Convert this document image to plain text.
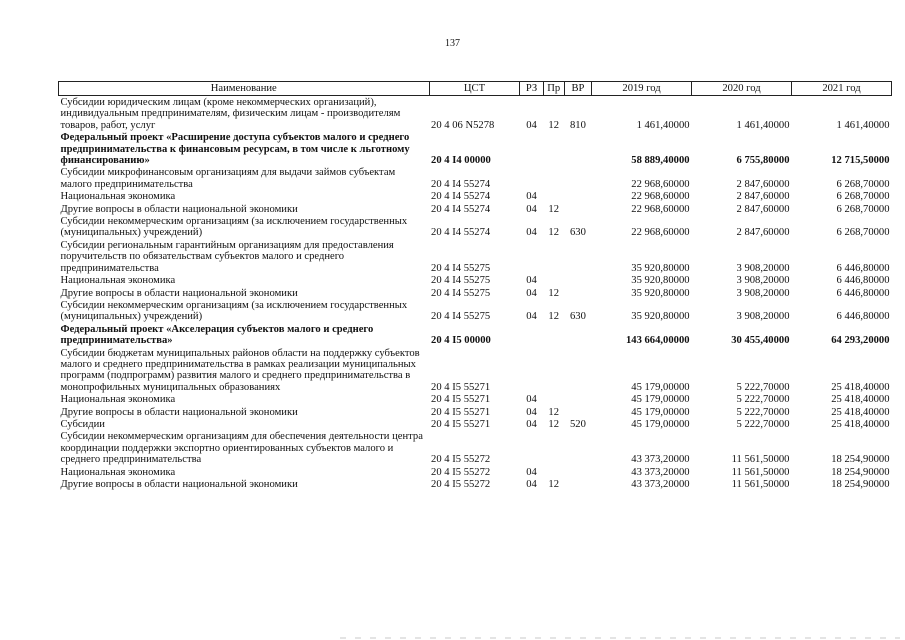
137
Наименование	ЦСТ	РЗ	Пр	ВР	2019 год	2020 год	2021 год
Субсидии юридическим лицам (кроме некоммерческих организаций), индивидуальным предпринимателям, физическим лицам - производителям товаров, работ, услуг	20 4 06 N5278	04	12	810	1 461,40000	1 461,40000	1 461,40000
Федеральный проект «Расширение доступа субъектов малого и среднего предпринимательства к финансовым ресурсам, в том числе к льготному финансированию»	20 4 I4 00000				58 889,40000	6 755,80000	12 715,50000
Субсидии микрофинансовым организациям для выдачи займов субъектам малого предпринимательства	20 4 I4 55274				22 968,60000	2 847,60000	6 268,70000
Национальная экономика	20 4 I4 55274	04			22 968,60000	2 847,60000	6 268,70000
Другие вопросы в области национальной экономики	20 4 I4 55274	04	12		22 968,60000	2 847,60000	6 268,70000
Субсидии некоммерческим организациям (за исключением государственных (муниципальных) учреждений)	20 4 I4 55274	04	12	630	22 968,60000	2 847,60000	6 268,70000
Субсидии региональным гарантийным организациям для предоставления поручительств по обязательствам субъектов малого и среднего предпринимательства	20 4 I4 55275				35 920,80000	3 908,20000	6 446,80000
Национальная экономика	20 4 I4 55275	04			35 920,80000	3 908,20000	6 446,80000
Другие вопросы в области национальной экономики	20 4 I4 55275	04	12		35 920,80000	3 908,20000	6 446,80000
Субсидии некоммерческим организациям (за исключением государственных (муниципальных) учреждений)	20 4 I4 55275	04	12	630	35 920,80000	3 908,20000	6 446,80000
Федеральный проект «Акселерация субъектов малого и среднего предпринимательства»	20 4 I5 00000				143 664,00000	30 455,40000	64 293,20000
Субсидии бюджетам муниципальных районов области на поддержку субъектов малого и среднего предпринимательства в рамках реализации муниципальных программ (подпрограмм) развития малого и среднего предпринимательства в монопрофильных муниципальных образованиях	20 4 I5 55271				45 179,00000	5 222,70000	25 418,40000
Национальная экономика	20 4 I5 55271	04			45 179,00000	5 222,70000	25 418,40000
Другие вопросы в области национальной экономики	20 4 I5 55271	04	12		45 179,00000	5 222,70000	25 418,40000
Субсидии	20 4 I5 55271	04	12	520	45 179,00000	5 222,70000	25 418,40000
Субсидии некоммерческим организациям для обеспечения деятельности центра координации поддержки экспортно ориентированных субъектов малого и среднего предпринимательства	20 4 I5 55272				43 373,20000	11 561,50000	18 254,90000
Национальная экономика	20 4 I5 55272	04			43 373,20000	11 561,50000	18 254,90000
Другие вопросы в области национальной экономики	20 4 I5 55272	04	12		43 373,20000	11 561,50000	18 254,90000
